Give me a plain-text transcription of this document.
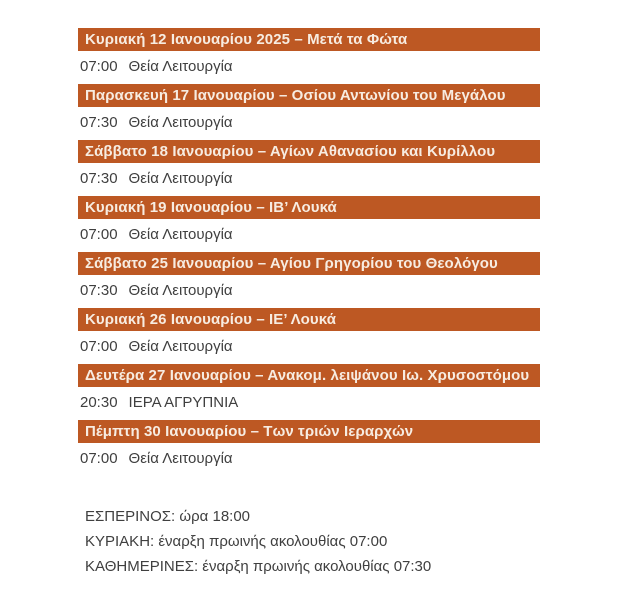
Κυριακή 12 Ιανουαρίου 2025 – Μετά τα Φώτα
07:00 Θεία Λειτουργία
Παρασκευή 17 Ιανουαρίου – Οσίου Αντωνίου του Μεγάλου
07:30 Θεία Λειτουργία
Σάββατο 18 Ιανουαρίου – Αγίων Αθανασίου και Κυρίλλου
07:30 Θεία Λειτουργία
Κυριακή 19 Ιανουαρίου – ΙΒ’ Λουκά
07:00 Θεία Λειτουργία
Σάββατο 25 Ιανουαρίου – Αγίου Γρηγορίου του Θεολόγου
07:30 Θεία Λειτουργία
Κυριακή 26 Ιανουαρίου – ΙΕ’ Λουκά
07:00 Θεία Λειτουργία
Δευτέρα 27 Ιανουαρίου – Ανακομ. λειψάνου Ιω. Χρυσοστόμου
20:30 ΙΕΡΑ ΑΓΡΥΠΝΙΑ
Πέμπτη 30 Ιανουαρίου – Των τριών Ιεραρχών
07:00 Θεία Λειτουργία
ΕΣΠΕΡΙΝΟΣ: ώρα 18:00
ΚΥΡΙΑΚΗ: έναρξη πρωινής ακολουθίας 07:00
ΚΑΘΗΜΕΡΙΝΕΣ: έναρξη πρωινής ακολουθίας 07:30
